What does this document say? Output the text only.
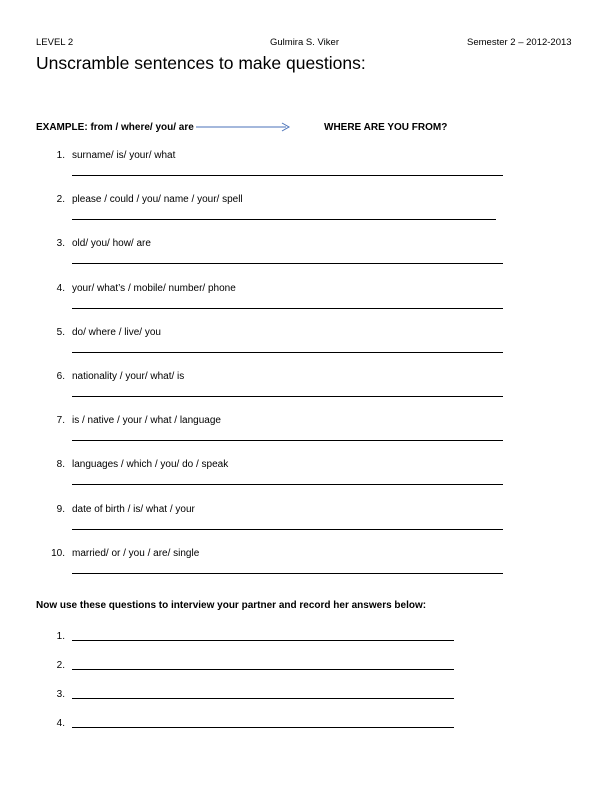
LEVEL 2	Gulmira S. Viker	Semester 2 – 2012-2013
Unscramble sentences to make questions:
EXAMPLE: from / where/ you/ are	WHERE ARE YOU FROM?
1. surname/ is/ your/ what
2. please / could / you/ name / your/ spell
3. old/ you/ how/ are
4. your/ what’s / mobile/ number/ phone
5. do/ where / live/ you
6. nationality / your/ what/ is
7. is / native / your / what / language
8. languages / which / you/ do / speak
9. date of birth / is/ what / your
10. married/ or / you / are/ single
Now use these questions to interview your partner and record her answers below:
1.
2.
3.
4.
